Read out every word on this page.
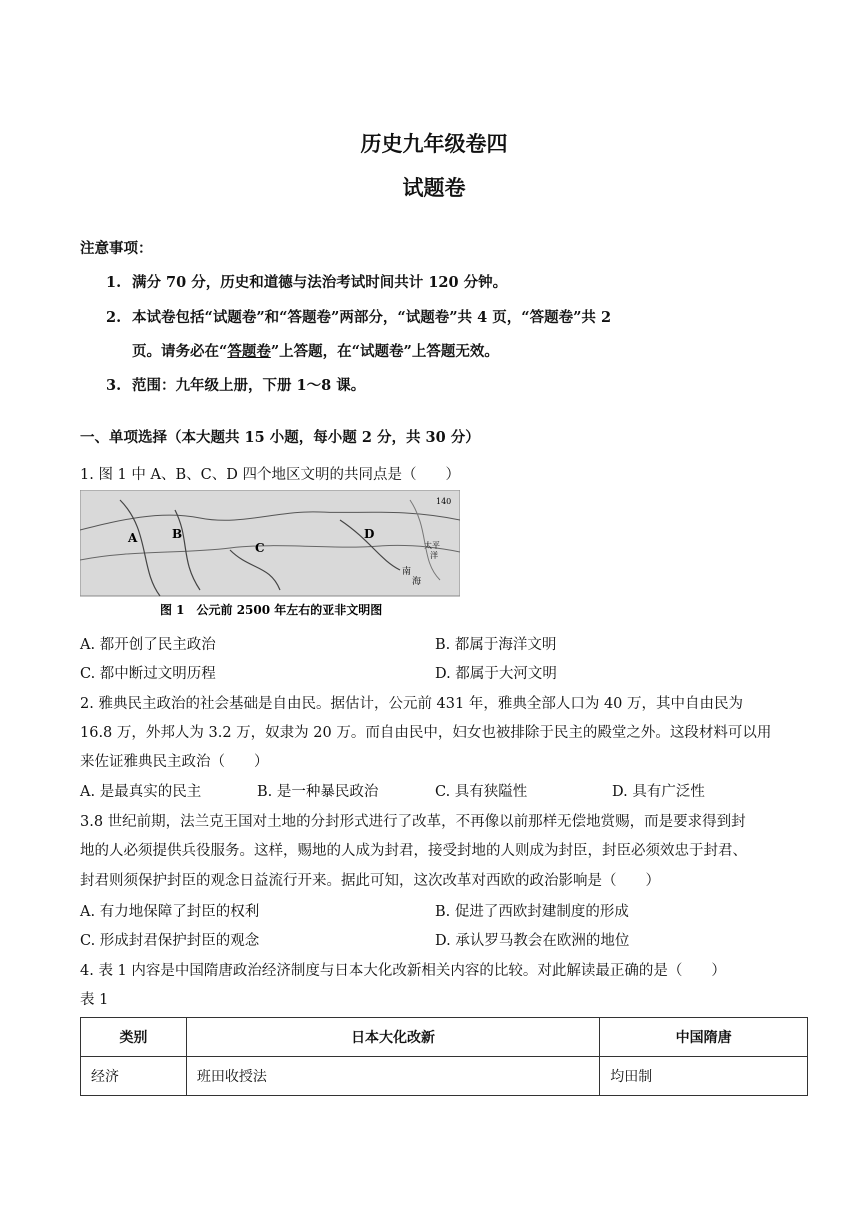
历史九年级卷四
试题卷
注意事项：
1. 满分 70 分，历史和道德与法治考试时间共计 120 分钟。
2. 本试卷包括“试题卷”和“答题卷”两部分，“试题卷”共 4 页，“答题卷”共 2
页。请务必在“答题卷”上答题，在“试题卷”上答题无效。
3. 范围：九年级上册，下册 1～8 课。
一、单项选择（本大题共 15 小题，每小题 2 分，共 30 分）
1. 图 1 中 A、B、C、D 四个地区文明的共同点是（　　）
A	B
C
D
南
海
太平
洋
140
图 1　公元前 2500 年左右的亚非文明图
A. 都开创了民主政治	B. 都属于海洋文明
C. 都中断过文明历程	D. 都属于大河文明
2. 雅典民主政治的社会基础是自由民。据估计，公元前 431 年，雅典全部人口为 40 万，其中自由民为
16.8 万，外邦人为 3.2 万，奴隶为 20 万。而自由民中，妇女也被排除于民主的殿堂之外。这段材料可以用
来佐证雅典民主政治（　　）
A. 是最真实的民主	B. 是一种暴民政治	C. 具有狭隘性	D. 具有广泛性
3.8 世纪前期，法兰克王国对土地的分封形式进行了改革，不再像以前那样无偿地赏赐，而是要求得到封
地的人必须提供兵役服务。这样，赐地的人成为封君，接受封地的人则成为封臣，封臣必须效忠于封君、
封君则须保护封臣的观念日益流行开来。据此可知，这次改革对西欧的政治影响是（　　）
A. 有力地保障了封臣的权利	B. 促进了西欧封建制度的形成
C. 形成封君保护封臣的观念	D. 承认罗马教会在欧洲的地位
4. 表 1 内容是中国隋唐政治经济制度与日本大化改新相关内容的比较。对此解读最正确的是（　　）
表 1
类别	日本大化改新	中国隋唐
经济	班田收授法	均田制
